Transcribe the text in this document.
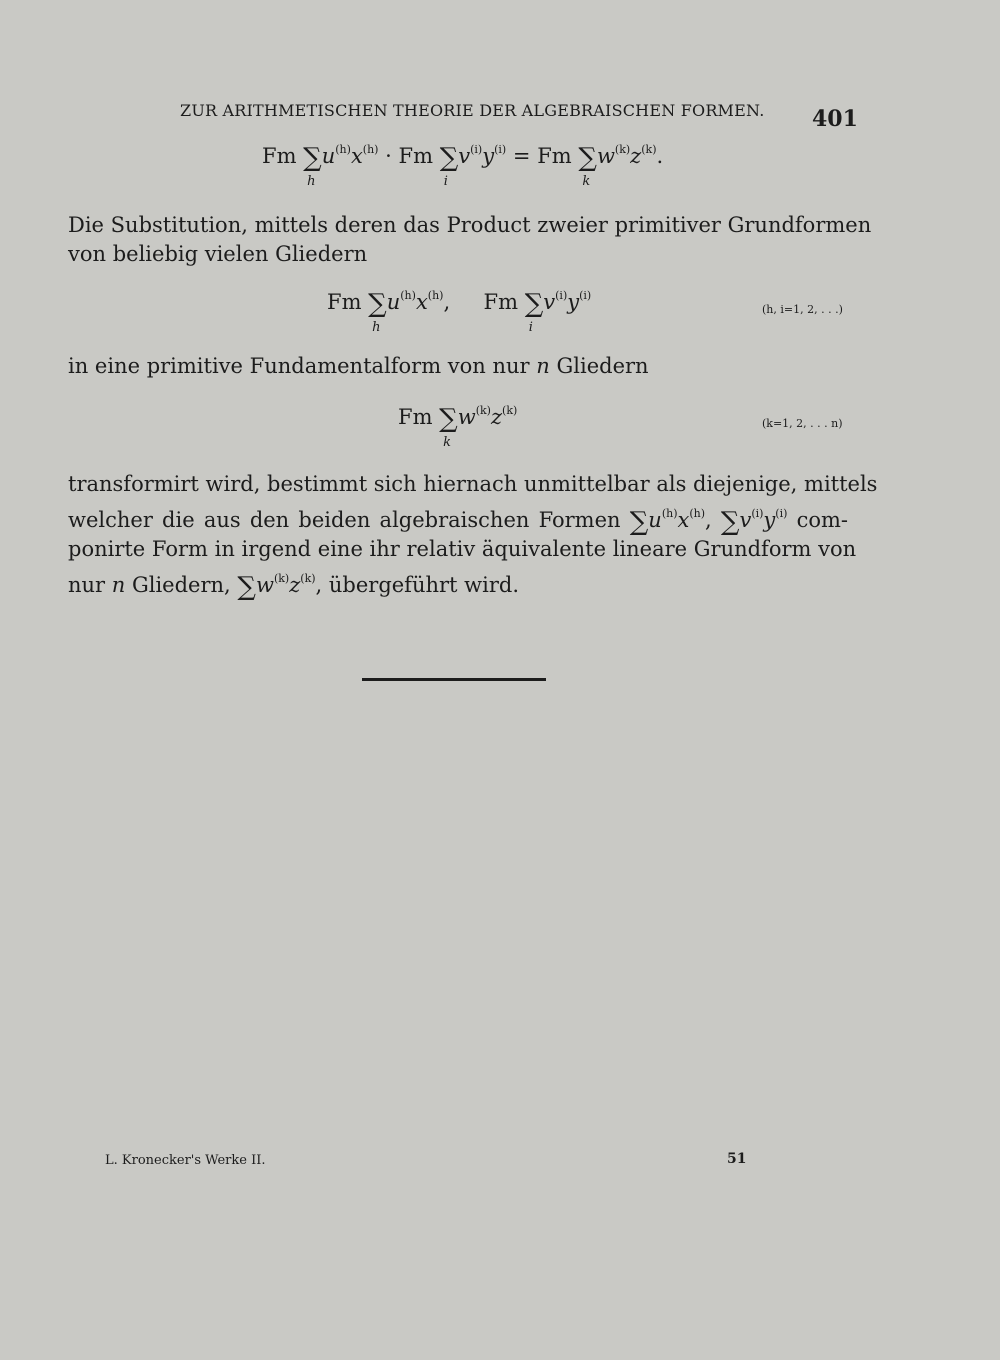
ZUR ARITHMETISCHEN THEORIE DER ALGEBRAISCHEN FORMEN. 401
Fm ∑
h
$u^{(h)}x^{(h)} \cdot Fm$ ∑
i
$v^{(i)}y^{(i)} = Fm$ ∑
k
$w^{(k)}z^{(k)}$.
Die Substitution, mittels deren das Product zweier primitiver Grundformen
von beliebig vielen Gliedern
Fm ∑
h
$u^{(h)}x^{(h)}$, Fm ∑
i
$v^{(i)}y^{(i)}$
(h, i=1, 2, . . .)
in eine primitive Fundamentalform von nur n Gliedern
Fm ∑
k
$w^{(k)}z^{(k)}$
(k=1, 2, . . . n)
transformirt wird, bestimmt sich hiernach unmittelbar als diejenige, mittels
welcher die aus den beiden algebraischen Formen $\sum u^{(h)}x^{(h)}$, $\sum v^{(i)}y^{(i)}$ com-
ponirte Form in irgend eine ihr relativ äquivalente lineare Grundform von
nur n Gliedern, $\sum w^{(k)}z^{(k)}$, übergeführt wird.
L. Kronecker's Werke II.	51
